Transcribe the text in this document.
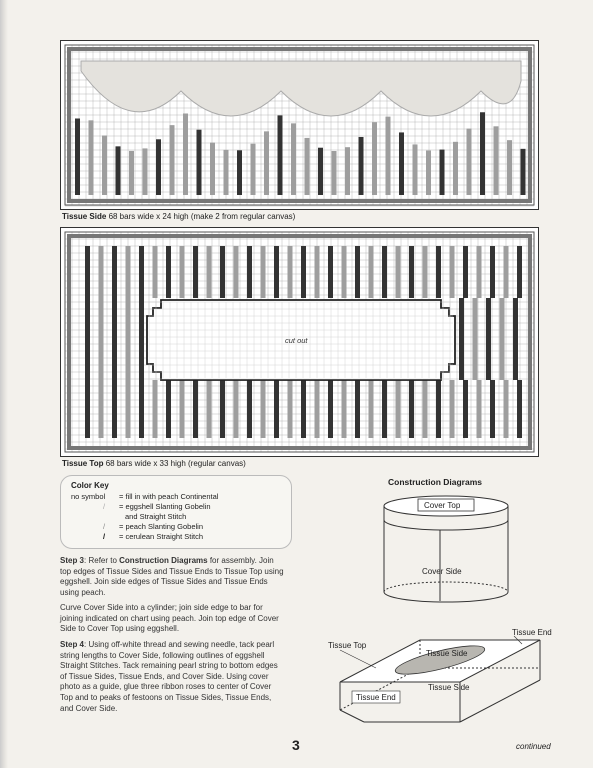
Tissue Side 68 bars wide x 24 high (make 2 from regular canvas)
cut out
Tissue Top 68 bars wide x 33 high (regular canvas)
Color Key
no symbol = fill in with peach Continental
/ = eggshell Slanting Gobelin
and Straight Stitch
/ = peach Slanting Gobelin
/ = cerulean Straight Stitch
Step 3: Refer to Construction Diagrams for assembly. Join top edges of Tissue Sides and Tissue Ends to Tissue Top using eggshell. Join side edges of Tissue Sides and Tissue Ends using peach.
Curve Cover Side into a cylinder; join side edge to bar for joining indicated on chart using peach. Join top edge of Cover Side to Cover Top using eggshell.
Step 4: Using off-white thread and sewing needle, tack pearl string lengths to Cover Side, following outlines of eggshell Straight Stitches. Tack remaining pearl string to bottom edges of Tissue Sides, Tissue Ends, and Cover Side. Using cover photo as a guide, glue three ribbon roses to center of Cover Top and to peaks of festoons on Tissue Sides, Tissue Ends, and Cover Side.
Construction Diagrams
Cover Top
Cover Side
Tissue Top
Tissue End
Tissue Side
Tissue Side
Tissue End
3	continued
